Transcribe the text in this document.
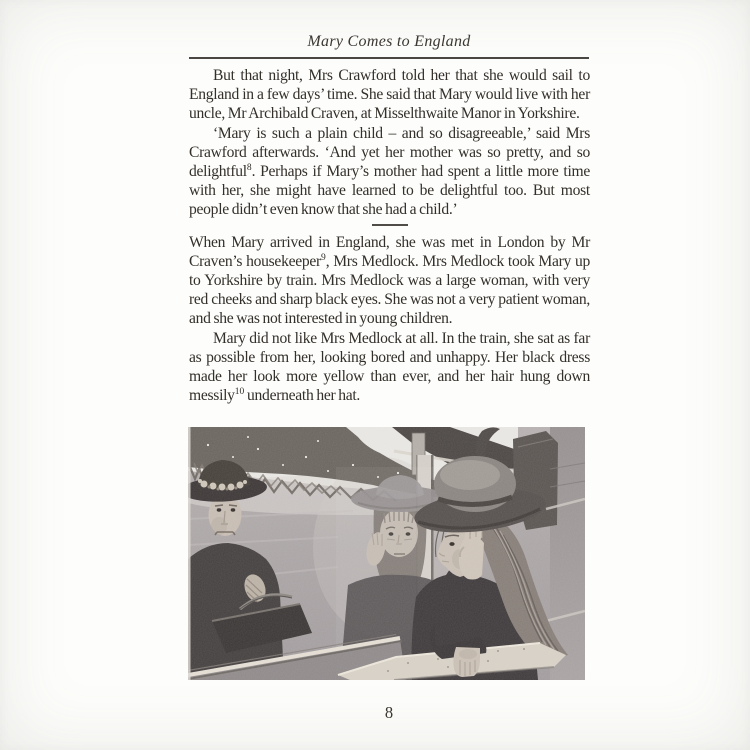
Mary Comes to England

But that night, Mrs Crawford told her that she would sail to England in a few days’ time. She said that Mary would live with her uncle, Mr Archibald Craven, at Misselthwaite Manor in Yorkshire.

‘Mary is such a plain child – and so disagreeable,’ said Mrs Crawford afterwards. ‘And yet her mother was so pretty, and so delightful$^8$. Perhaps if Mary’s mother had spent a little more time with her, she might have learned to be delightful too. But most people didn’t even know that she had a child.’

When Mary arrived in England, she was met in London by Mr Craven’s housekeeper$^9$, Mrs Medlock. Mrs Medlock took Mary up to Yorkshire by train. Mrs Medlock was a large woman, with very red cheeks and sharp black eyes. She was not a very patient woman, and she was not interested in young children.

Mary did not like Mrs Medlock at all. In the train, she sat as far as possible from her, looking bored and unhappy. Her black dress made her look more yellow than ever, and her hair hung down messily$^{10}$ underneath her hat.

8
